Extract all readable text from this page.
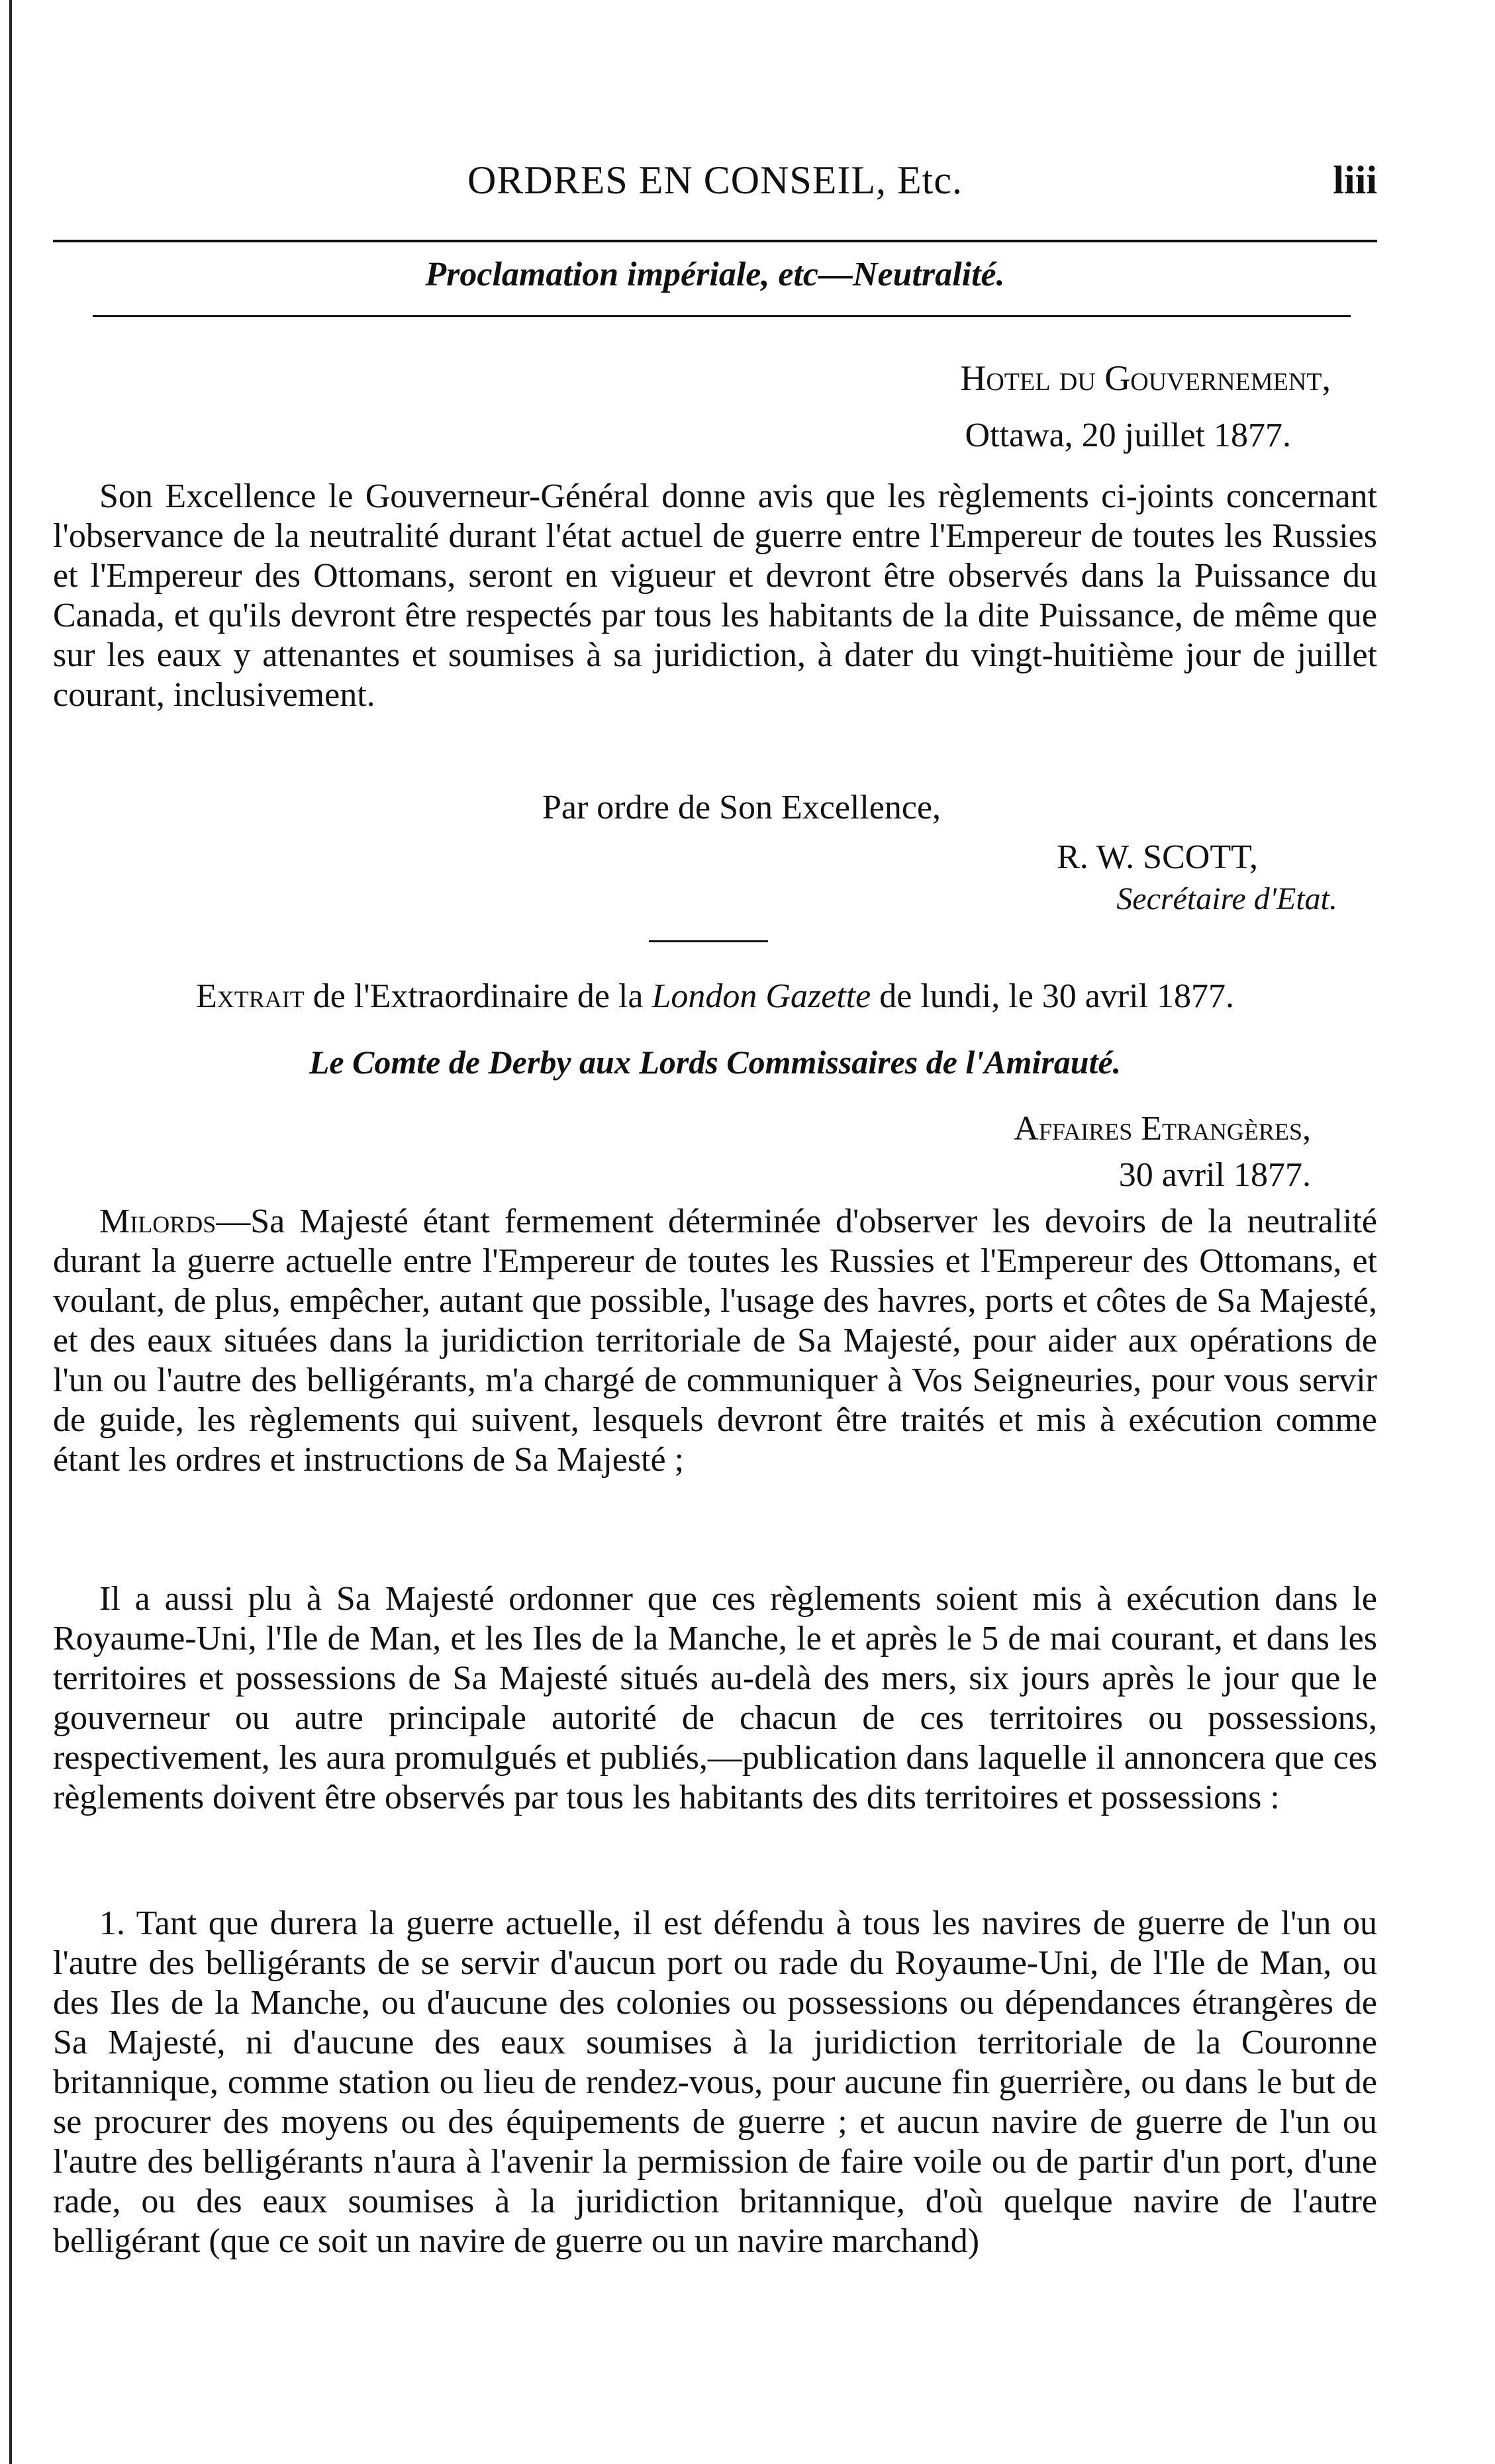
ORDRES EN CONSEIL, Etc.	liii
Proclamation impériale, etc—Neutralité.
Hotel du Gouvernement,
Ottawa, 20 juillet 1877.
Son Excellence le Gouverneur-Général donne avis que les règlements ci-joints concernant l'observance de la neutralité durant l'état actuel de guerre entre l'Empereur de toutes les Russies et l'Empereur des Ottomans, seront en vigueur et devront être observés dans la Puissance du Canada, et qu'ils devront être respectés par tous les habitants de la dite Puissance, de même que sur les eaux y attenantes et soumises à sa juridiction, à dater du vingt-huitième jour de juillet courant, inclusivement.
Par ordre de Son Excellence,
R. W. SCOTT,
Secrétaire d'Etat.
Extrait de l'Extraordinaire de la London Gazette de lundi, le 30 avril 1877.
Le Comte de Derby aux Lords Commissaires de l'Amirauté.
Affaires Etrangères,
30 avril 1877.
Milords—Sa Majesté étant fermement déterminée d'observer les devoirs de la neutralité durant la guerre actuelle entre l'Empereur de toutes les Russies et l'Empereur des Ottomans, et voulant, de plus, empêcher, autant que possible, l'usage des havres, ports et côtes de Sa Majesté, et des eaux situées dans la juridiction territoriale de Sa Majesté, pour aider aux opérations de l'un ou l'autre des belligérants, m'a chargé de communiquer à Vos Seigneuries, pour vous servir de guide, les règlements qui suivent, lesquels devront être traités et mis à exécution comme étant les ordres et instructions de Sa Majesté ;
Il a aussi plu à Sa Majesté ordonner que ces règlements soient mis à exécution dans le Royaume-Uni, l'Ile de Man, et les Iles de la Manche, le et après le 5 de mai courant, et dans les territoires et possessions de Sa Majesté situés au-delà des mers, six jours après le jour que le gouverneur ou autre principale autorité de chacun de ces territoires ou possessions, respectivement, les aura promulgués et publiés,—publication dans laquelle il annoncera que ces règlements doivent être observés par tous les habitants des dits territoires et possessions :
1. Tant que durera la guerre actuelle, il est défendu à tous les navires de guerre de l'un ou l'autre des belligérants de se servir d'aucun port ou rade du Royaume-Uni, de l'Ile de Man, ou des Iles de la Manche, ou d'aucune des colonies ou possessions ou dépendances étrangères de Sa Majesté, ni d'aucune des eaux soumises à la juridiction territoriale de la Couronne britannique, comme station ou lieu de rendez-vous, pour aucune fin guerrière, ou dans le but de se procurer des moyens ou des équipements de guerre ; et aucun navire de guerre de l'un ou l'autre des belligérants n'aura à l'avenir la permission de faire voile ou de partir d'un port, d'une rade, ou des eaux soumises à la juridiction britannique, d'où quelque navire de l'autre belligérant (que ce soit un navire de guerre ou un navire marchand)
